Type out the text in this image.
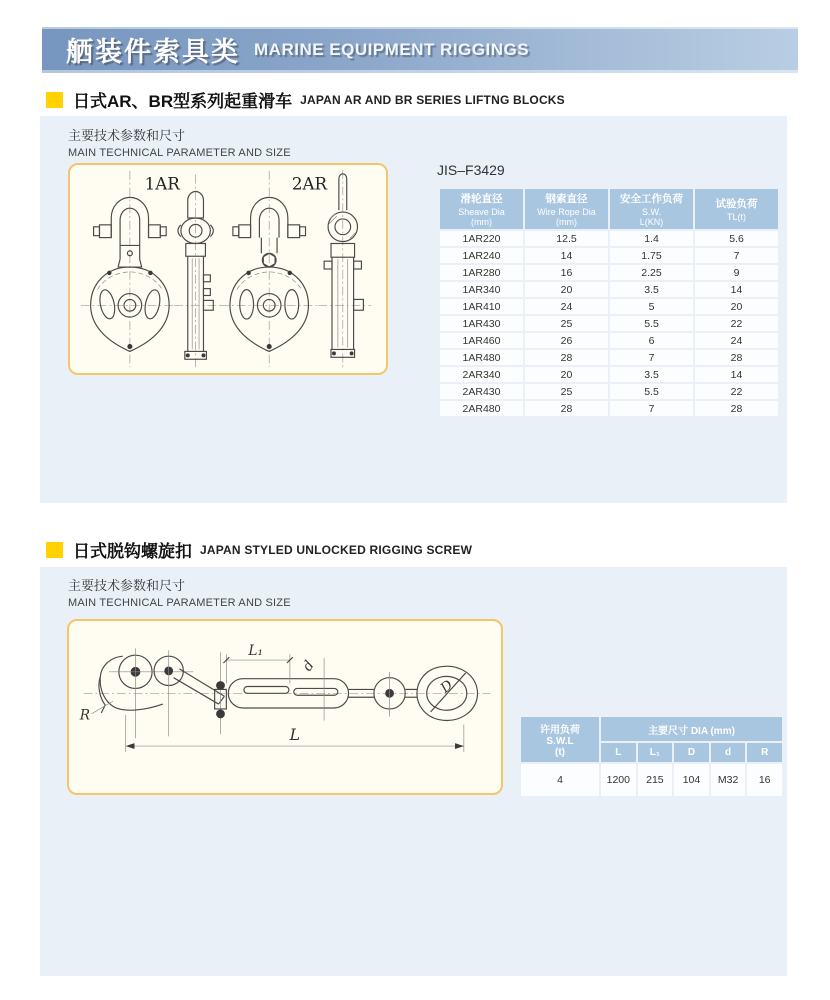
舾装件索具类 MARINE EQUIPMENT RIGGINGS
日式AR、BR型系列起重滑车 JAPAN AR AND BR SERIES LIFTNG BLOCKS
主要技术参数和尺寸
MAIN TECHNICAL PARAMETER AND SIZE
1AR	2AR
JIS–F3429
滑轮直径
Sheave Dia
(mm)	钢索直径
Wire Rope Dia
(mm)	安全工作负荷
S.W.
L(KN)	试验负荷
TL(t)

1AR220	12.5	1.4	5.6
1AR240	14	1.75	7
1AR280	16	2.25	9
1AR340	20	3.5	14
1AR410	24	5	20
1AR430	25	5.5	22
1AR460	26	6	24
1AR480	28	7	28
2AR340	20	3.5	14
2AR430	25	5.5	22
2AR480	28	7	28
日式脱钩螺旋扣 JAPAN STYLED UNLOCKED RIGGING SCREW
主要技术参数和尺寸
MAIN TECHNICAL PARAMETER AND SIZE
L₁
d
L
R
D
许用负荷
S.W.L
(t)	主要尺寸 DIA (mm)				
	L	L₁	D	d	R
4	1200	215	104	M32	16
